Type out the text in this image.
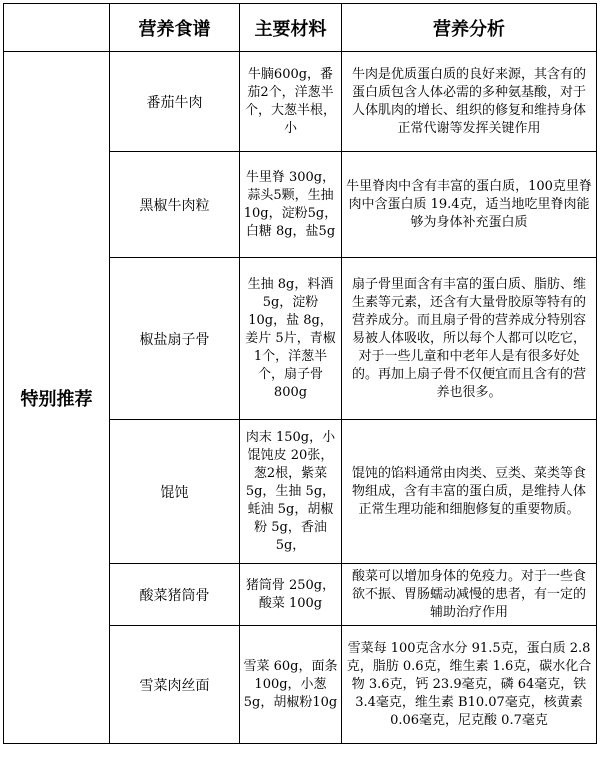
	营养食谱	主要材料	营养分析
特别推荐	番茄牛肉	牛腩600g，番茄2个，洋葱半个，大葱半根，小	牛肉是优质蛋白质的良好来源，其含有的蛋白质包含人体必需的多种氨基酸，对于人体肌肉的增长、组织的修复和维持身体正常代谢等发挥关键作用
	黑椒牛肉粒	牛里脊 300g，蒜头5颗，生抽 10g，淀粉5g，白糖 8g，盐5g	牛里脊肉中含有丰富的蛋白质，100克里脊肉中含蛋白质 19.4克，适当地吃里脊肉能够为身体补充蛋白质
	椒盐扇子骨	生抽 8g，料酒5g，淀粉 10g，盐 8g，姜片 5片，青椒 1个，洋葱半个，扇子骨 800g	扇子骨里面含有丰富的蛋白质、脂肪、维生素等元素，还含有大量骨胶原等特有的营养成分。而且扇子骨的营养成分特别容易被人体吸收，所以每个人都可以吃它，对于一些儿童和中老年人是有很多好处的。再加上扇子骨不仅便宜而且含有的营养也很多。
	馄饨	肉末 150g，小馄饨皮 20张，葱2根，紫菜5g，生抽 5g，蚝油 5g，胡椒粉 5g，香油5g，	馄饨的馅料通常由肉类、豆类、菜类等食物组成，含有丰富的蛋白质，是维持人体正常生理功能和细胞修复的重要物质。
	酸菜猪筒骨	猪筒骨 250g，酸菜 100g	酸菜可以增加身体的免疫力。对于一些食欲不振、胃肠蠕动减慢的患者，有一定的辅助治疗作用
	雪菜肉丝面	雪菜 60g，面条 100g，小葱5g，胡椒粉10g	雪菜每 100克含水分 91.5克，蛋白质 2.8克，脂肪 0.6克，维生素 1.6克，碳水化合物 3.6克，钙 23.9毫克，磷 64毫克，铁 3.4毫克，维生素 B10.07毫克，核黄素 0.06毫克，尼克酸 0.7毫克
